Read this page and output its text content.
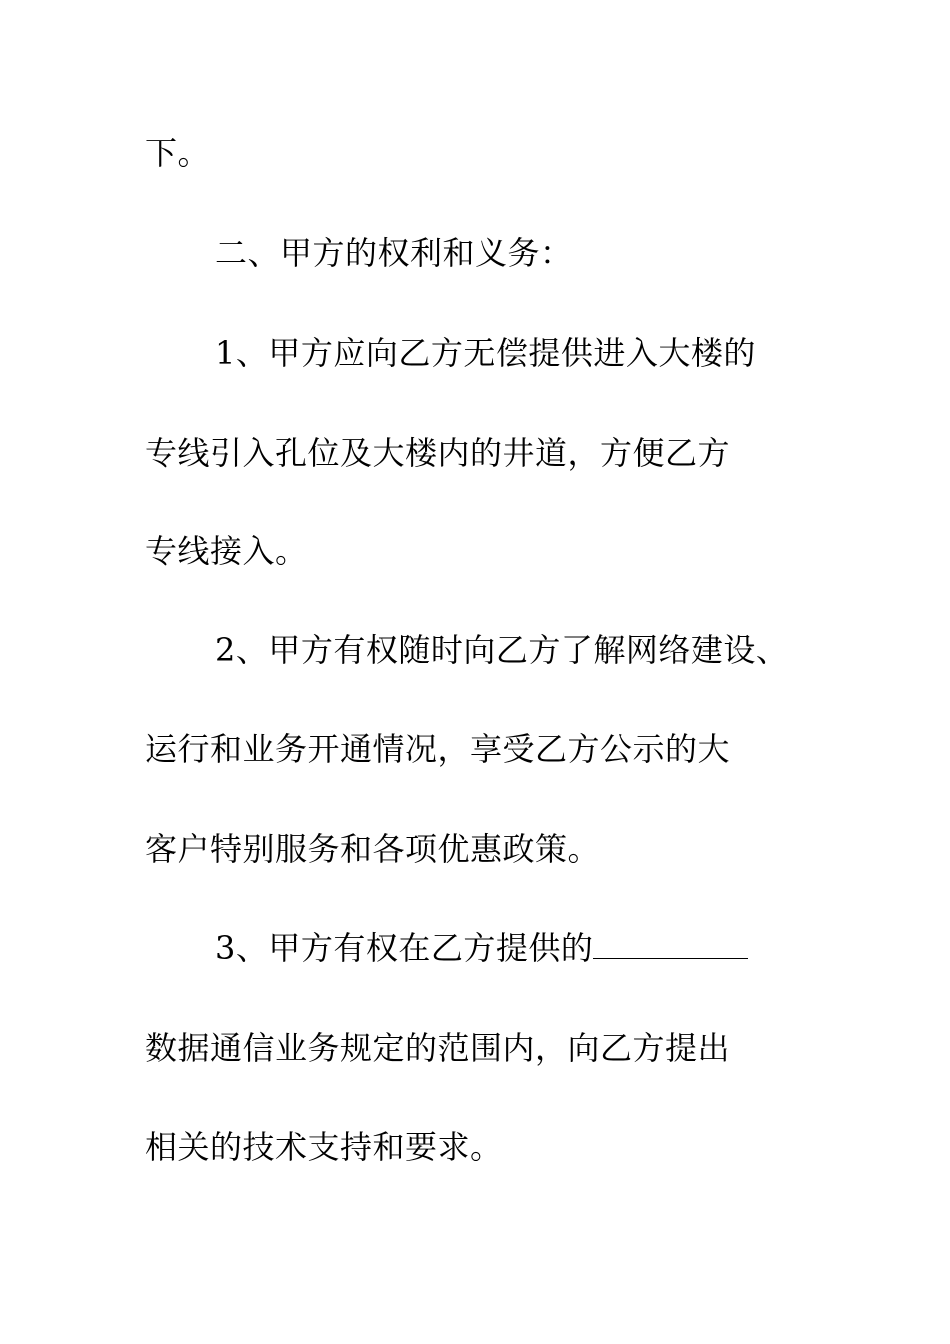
下。
二、甲方的权利和义务：
1、甲方应向乙方无偿提供进入大楼的
专线引入孔位及大楼内的井道，方便乙方
专线接入。
2、甲方有权随时向乙方了解网络建设、
运行和业务开通情况，享受乙方公示的大
客户特别服务和各项优惠政策。
3、甲方有权在乙方提供的
数据通信业务规定的范围内，向乙方提出
相关的技术支持和要求。
